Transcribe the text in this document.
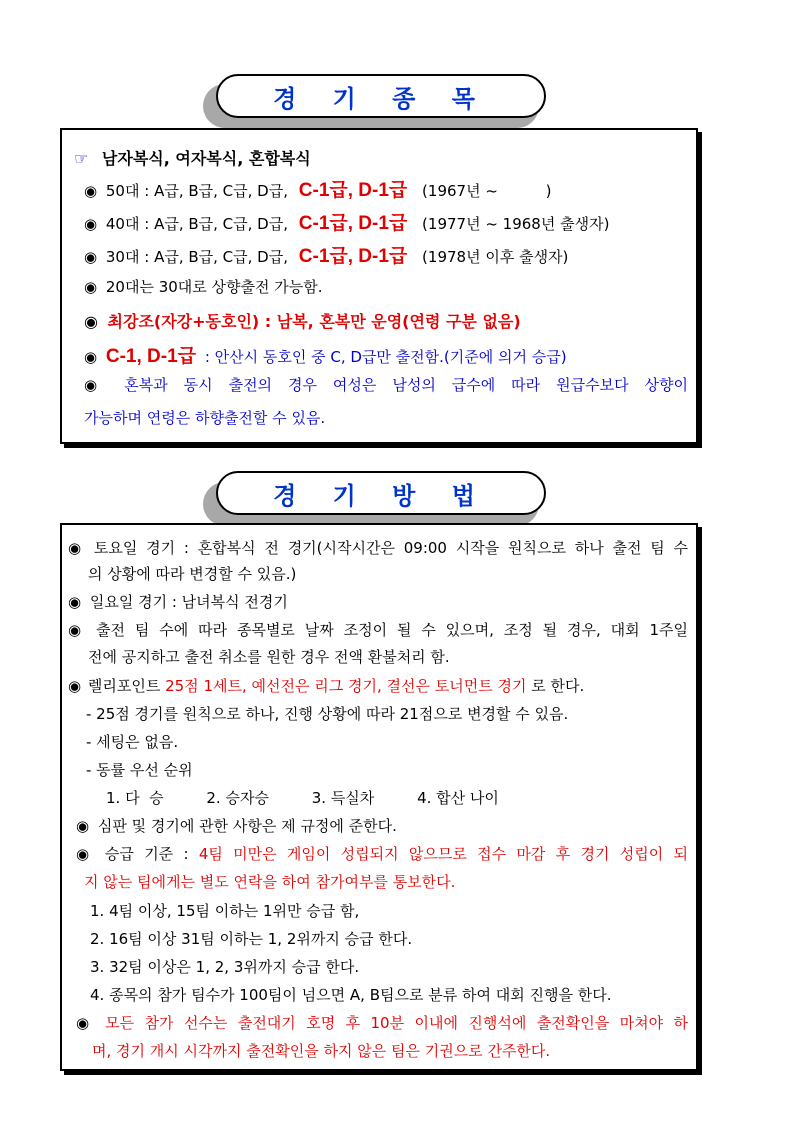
경 기 종 목
☞ 남자복식, 여자복식, 혼합복식
◉ 50대 : A급, B급, C급, D급, C-1급, D-1급 (1967년 ~          )
◉ 40대 : A급, B급, C급, D급, C-1급, D-1급 (1977년 ~ 1968년 출생자)
◉ 30대 : A급, B급, C급, D급, C-1급, D-1급 (1978년 이후 출생자)
◉ 20대는 30대로 상향출전 가능함.
◉ 최강조(자강+동호인) : 남복, 혼복만 운영(연령 구분 없음)
◉ C-1, D-1급 : 안산시 동호인 중 C, D급만 출전함.(기준에 의거 승급)
◉ 혼복과 동시 출전의 경우 여성은 남성의 급수에 따라 원급수보다 상향이
가능하며 연령은 하향출전할 수 있음.
경 기 방 법
◉ 토요일 경기 : 혼합복식 전 경기(시작시간은 09:00 시작을 원칙으로 하나 출전 팀 수
의 상황에 따라 변경할 수 있음.)
◉ 일요일 경기 : 남녀복식 전경기
◉ 출전 팀 수에 따라 종목별로 날짜 조정이 될 수 있으며, 조정 될 경우, 대회 1주일
전에 공지하고 출전 취소를 원한 경우 전액 환불처리 함.
◉ 렐리포인트 25점 1세트, 예선전은 리그 경기, 결선은 토너먼트 경기 로 한다.
- 25점 경기를 원칙으로 하나, 진행 상황에 따라 21점으로 변경할 수 있음.
- 세팅은 없음.
- 동률 우선 순위
1. 다  승	2. 승자승	3. 득실차	4. 합산 나이
◉ 심판 및 경기에 관한 사항은 제 규정에 준한다.
◉ 승급 기준 : 4팀 미만은 게임이 성립되지 않으므로 접수 마감 후 경기 성립이 되
지 않는 팀에게는 별도 연락을 하여 참가여부를 통보한다.
1. 4팀 이상, 15팀 이하는 1위만 승급 함,
2. 16팀 이상 31팀 이하는 1, 2위까지 승급 한다.
3. 32팀 이상은 1, 2, 3위까지 승급 한다.
4. 종목의 참가 팀수가 100팀이 넘으면 A, B팀으로 분류 하여 대회 진행을 한다.
◉ 모든 참가 선수는 출전대기 호명 후 10분 이내에 진행석에 출전확인을 마쳐야 하
며, 경기 개시 시각까지 출전확인을 하지 않은 팀은 기권으로 간주한다.
